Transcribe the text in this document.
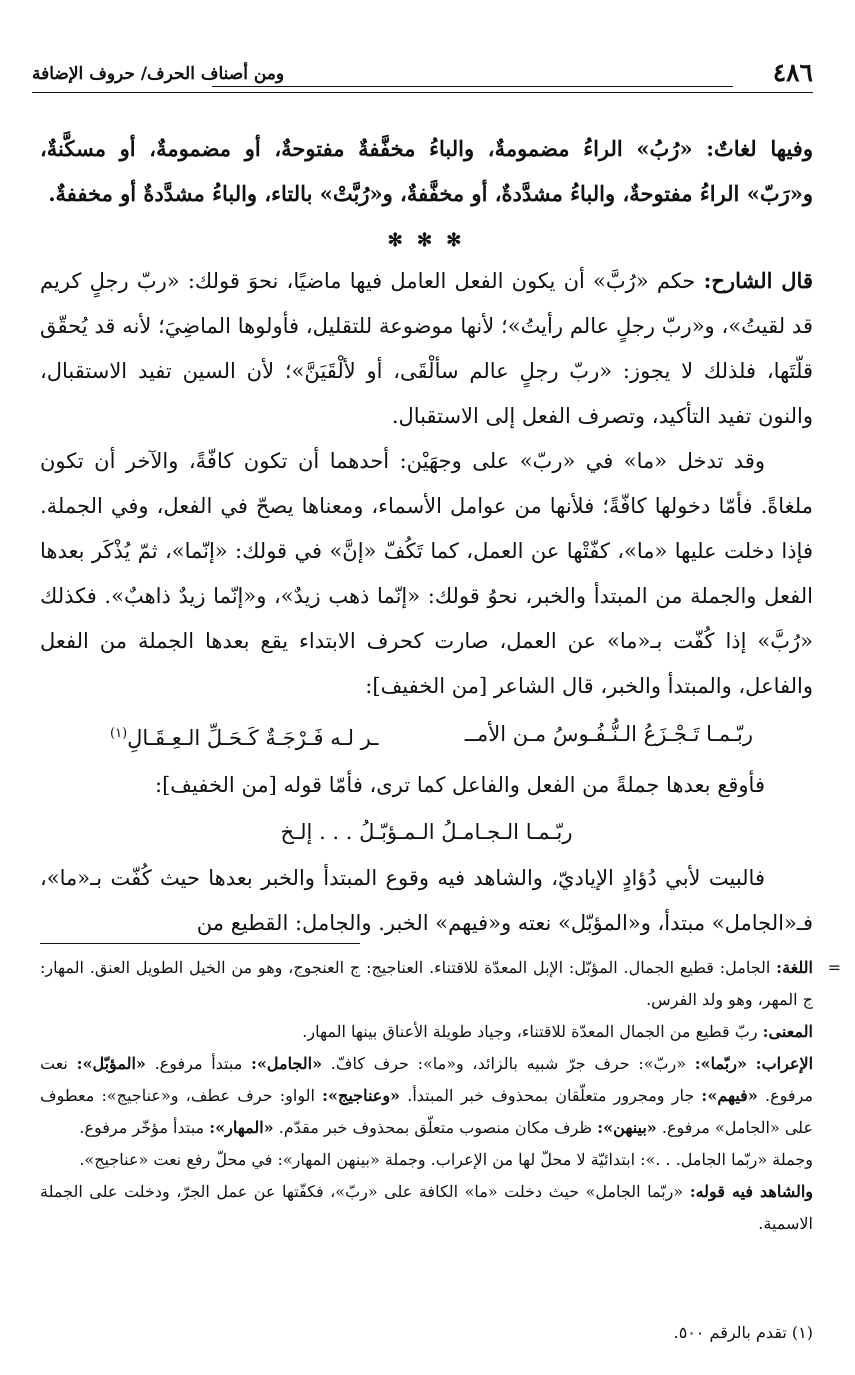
٤٨٦
ومن أصناف الحرف/ حروف الإضافة

وفيها لغاتٌ: «رُبُ» الراءُ مضمومةٌ، والباءُ مخفَّفةٌ مفتوحةٌ، أو مضمومةٌ، أو مسكَّنةٌ، و«رَبّ» الراءُ مفتوحةٌ، والباءُ مشدَّدةٌ، أو مخفَّفةٌ، و«رُبَّتْ» بالتاء، والباءُ مشدَّدةٌ أو مخففةٌ.

✻ ✻ ✻

قال الشارح: حكم «رُبَّ» أن يكون الفعل العامل فيها ماضيًا، نحوَ قولك: «ربّ رجلٍ كريم قد لقيتُ»، و«ربّ رجلٍ عالم رأيتُ»؛ لأنها موضوعة للتقليل، فأولوها الماضِيَ؛ لأنه قد يُحقّق قلّتَها، فلذلك لا يجوز: «ربّ رجلٍ عالم سألْقَى، أو لألْقَيَنَّ»؛ لأن السين تفيد الاستقبال، والنون تفيد التأكيد، وتصرف الفعل إلى الاستقبال.

وقد تدخل «ما» في «ربّ» على وجهَيْن: أحدهما أن تكون كافّةً، والآخر أن تكون ملغاةً. فأمّا دخولها كافّةً؛ فلأنها من عوامل الأسماء، ومعناها يصحّ في الفعل، وفي الجملة. فإذا دخلت عليها «ما»، كفّتْها عن العمل، كما تَكُفّ «إنَّ» في قولك: «إنّما»، ثمّ يُذْكَر بعدها الفعل والجملة من المبتدأ والخبر، نحوُ قولك: «إنّما ذهب زيدٌ»، و«إنّما زيدٌ ذاهبٌ». فكذلك «رُبَّ» إذا كُفّت بـ«ما» عن العمل، صارت كحرف الابتداء يقع بعدها الجملة من الفعل والفاعل، والمبتدأ والخبر، قال الشاعر [من الخفيف]:

ربّـمـا تَـجْـزَعُ الـنُّـفُـوسُ مـن الأمــ
ـر لـه فَـرْجَـةٌ كَـحَـلِّ الـعِـقَـالِ$^{(١)}$

فأوقع بعدها جملةً من الفعل والفاعل كما ترى، فأمّا قوله [من الخفيف]:

ربّـمـا الـجـامـلُ الـمـؤبّـلُ . . . إلـخ

فالبيت لأبي دُؤادٍ الإياديّ، والشاهد فيه وقوع المبتدأ والخبر بعدها حيث كُفّت بـ«ما»، فـ«الجامل» مبتدأ، و«المؤبّل» نعته و«فيهم» الخبر. والجامل: القطيع من

=

اللغة: الجامل: قطيع الجمال. المؤبّل: الإبل المعدّة للاقتناء. العناجيج: ج العنجوج، وهو من الخيل الطويل العنق. المهار: ج المهر، وهو ولد الفرس.

المعنى: ربّ قطيع من الجمال المعدّة للاقتناء، وجياد طويلة الأعناق بينها المهار.

الإعراب: «ربّما»: «ربّ»: حرف جرّ شبيه بالزائد، و«ما»: حرف كافّ. «الجامل»: مبتدأ مرفوع. «المؤبّل»: نعت مرفوع. «فيهم»: جار ومجرور متعلّقان بمحذوف خبر المبتدأ. «وعناجيج»: الواو: حرف عطف، و«عناجيج»: معطوف على «الجامل» مرفوع. «بينهن»: ظرف مكان منصوب متعلّق بمحذوف خبر مقدّم. «المهار»: مبتدأ مؤخّر مرفوع.

وجملة «ربّما الجامل. . .»: ابتدائيّة لا محلّ لها من الإعراب. وجملة «بينهن المهار»: في محلّ رفع نعت «عناجيج».

والشاهد فيه قوله: «ربّما الجامل» حيث دخلت «ما» الكافة على «ربّ»، فكفّتها عن عمل الجرّ، ودخلت على الجملة الاسمية.

(١) تقدم بالرقم ٥٠٠.
